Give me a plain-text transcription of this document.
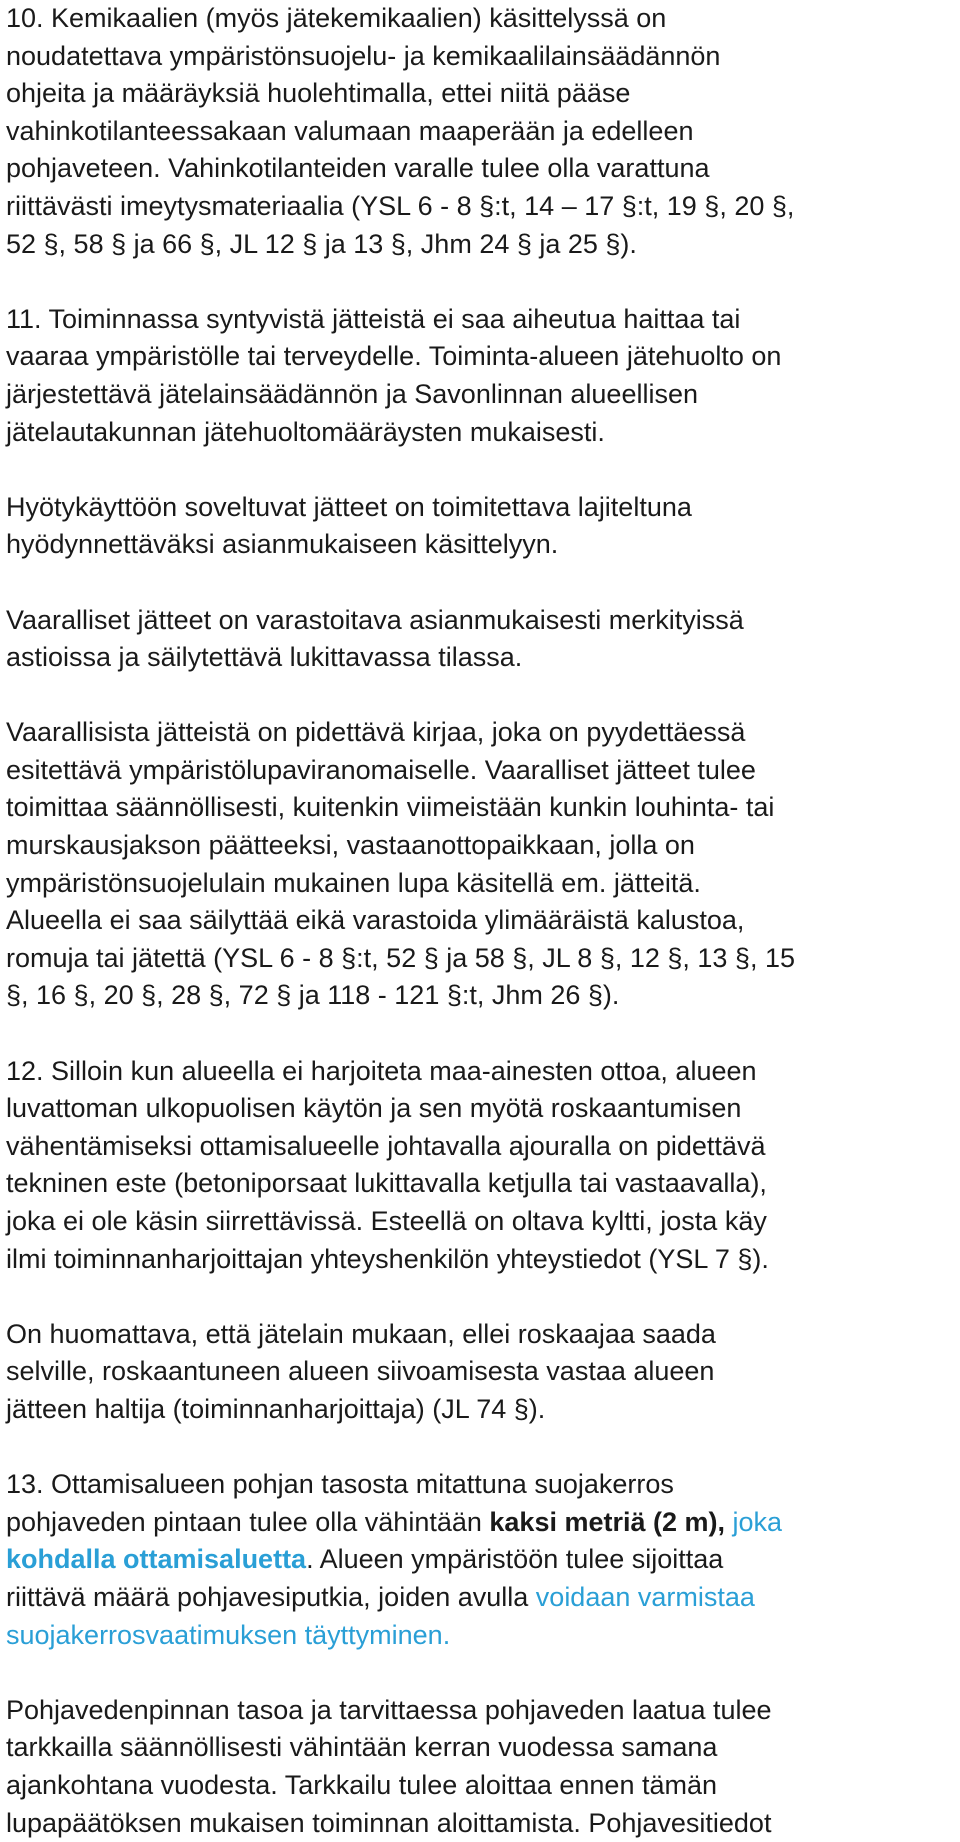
10. Kemikaalien (myös jätekemikaalien) käsittelyssä on
noudatettava ympäristönsuojelu- ja kemikaalilainsäädännön
ohjeita ja määräyksiä huolehtimalla, ettei niitä pääse
vahinkotilanteessakaan valumaan maaperään ja edelleen
pohjaveteen. Vahinkotilanteiden varalle tulee olla varattuna
riittävästi imeytysmateriaalia (YSL 6 - 8 §:t, 14 – 17 §:t, 19 §, 20 §,
52 §, 58 § ja 66 §, JL 12 § ja 13 §, Jhm 24 § ja 25 §).
11. Toiminnassa syntyvistä jätteistä ei saa aiheutua haittaa tai
vaaraa ympäristölle tai terveydelle. Toiminta-alueen jätehuolto on
järjestettävä jätelainsäädännön ja Savonlinnan alueellisen
jätelautakunnan jätehuoltomääräysten mukaisesti.
Hyötykäyttöön soveltuvat jätteet on toimitettava lajiteltuna
hyödynnettäväksi asianmukaiseen käsittelyyn.
Vaaralliset jätteet on varastoitava asianmukaisesti merkityissä
astioissa ja säilytettävä lukittavassa tilassa.
Vaarallisista jätteistä on pidettävä kirjaa, joka on pyydettäessä
esitettävä ympäristölupaviranomaiselle. Vaaralliset jätteet tulee
toimittaa säännöllisesti, kuitenkin viimeistään kunkin louhinta- tai
murskausjakson päätteeksi, vastaanottopaikkaan, jolla on
ympäristönsuojelulain mukainen lupa käsitellä em. jätteitä.
Alueella ei saa säilyttää eikä varastoida ylimääräistä kalustoa,
romuja tai jätettä (YSL 6 - 8 §:t, 52 § ja 58 §, JL 8 §, 12 §, 13 §, 15
§, 16 §, 20 §, 28 §, 72 § ja 118 - 121 §:t, Jhm 26 §).
12. Silloin kun alueella ei harjoiteta maa-ainesten ottoa, alueen
luvattoman ulkopuolisen käytön ja sen myötä roskaantumisen
vähentämiseksi ottamisalueelle johtavalla ajouralla on pidettävä
tekninen este (betoniporsaat lukittavalla ketjulla tai vastaavalla),
joka ei ole käsin siirrettävissä. Esteellä on oltava kyltti, josta käy
ilmi toiminnanharjoittajan yhteyshenkilön yhteystiedot (YSL 7 §).
On huomattava, että jätelain mukaan, ellei roskaajaa saada
selville, roskaantuneen alueen siivoamisesta vastaa alueen
jätteen haltija (toiminnanharjoittaja) (JL 74 §).
13. Ottamisalueen pohjan tasosta mitattuna suojakerros
pohjaveden pintaan tulee olla vähintään kaksi metriä (2 m), joka
kohdalla ottamisaluetta. Alueen ympäristöön tulee sijoittaa
riittävä määrä pohjavesiputkia, joiden avulla voidaan varmistaa
suojakerrosvaatimuksen täyttyminen.
Pohjavedenpinnan tasoa ja tarvittaessa pohjaveden laatua tulee
tarkkailla säännöllisesti vähintään kerran vuodessa samana
ajankohtana vuodesta. Tarkkailu tulee aloittaa ennen tämän
lupapäätöksen mukaisen toiminnan aloittamista. Pohjavesitiedot
